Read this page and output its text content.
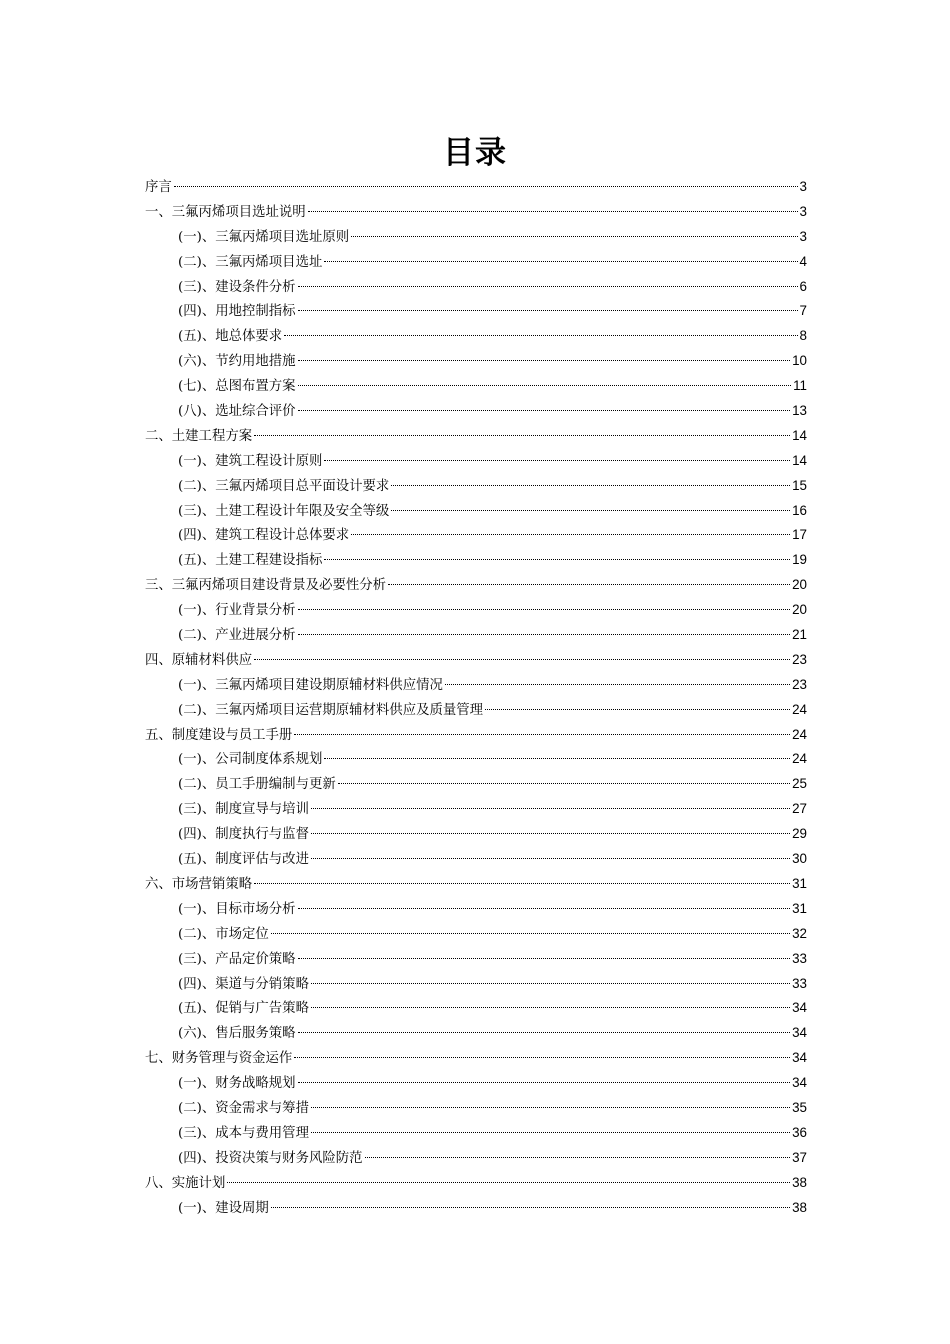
目录
序言	3
一、三氟丙烯项目选址说明	3
(一)、三氟丙烯项目选址原则	3
(二)、三氟丙烯项目选址	4
(三)、建设条件分析	6
(四)、用地控制指标	7
(五)、地总体要求	8
(六)、节约用地措施	10
(七)、总图布置方案	11
(八)、选址综合评价	13
二、土建工程方案	14
(一)、建筑工程设计原则	14
(二)、三氟丙烯项目总平面设计要求	15
(三)、土建工程设计年限及安全等级	16
(四)、建筑工程设计总体要求	17
(五)、土建工程建设指标	19
三、三氟丙烯项目建设背景及必要性分析	20
(一)、行业背景分析	20
(二)、产业进展分析	21
四、原辅材料供应	23
(一)、三氟丙烯项目建设期原辅材料供应情况	23
(二)、三氟丙烯项目运营期原辅材料供应及质量管理	24
五、制度建设与员工手册	24
(一)、公司制度体系规划	24
(二)、员工手册编制与更新	25
(三)、制度宣导与培训	27
(四)、制度执行与监督	29
(五)、制度评估与改进	30
六、市场营销策略	31
(一)、目标市场分析	31
(二)、市场定位	32
(三)、产品定价策略	33
(四)、渠道与分销策略	33
(五)、促销与广告策略	34
(六)、售后服务策略	34
七、财务管理与资金运作	34
(一)、财务战略规划	34
(二)、资金需求与筹措	35
(三)、成本与费用管理	36
(四)、投资决策与财务风险防范	37
八、实施计划	38
(一)、建设周期	38
